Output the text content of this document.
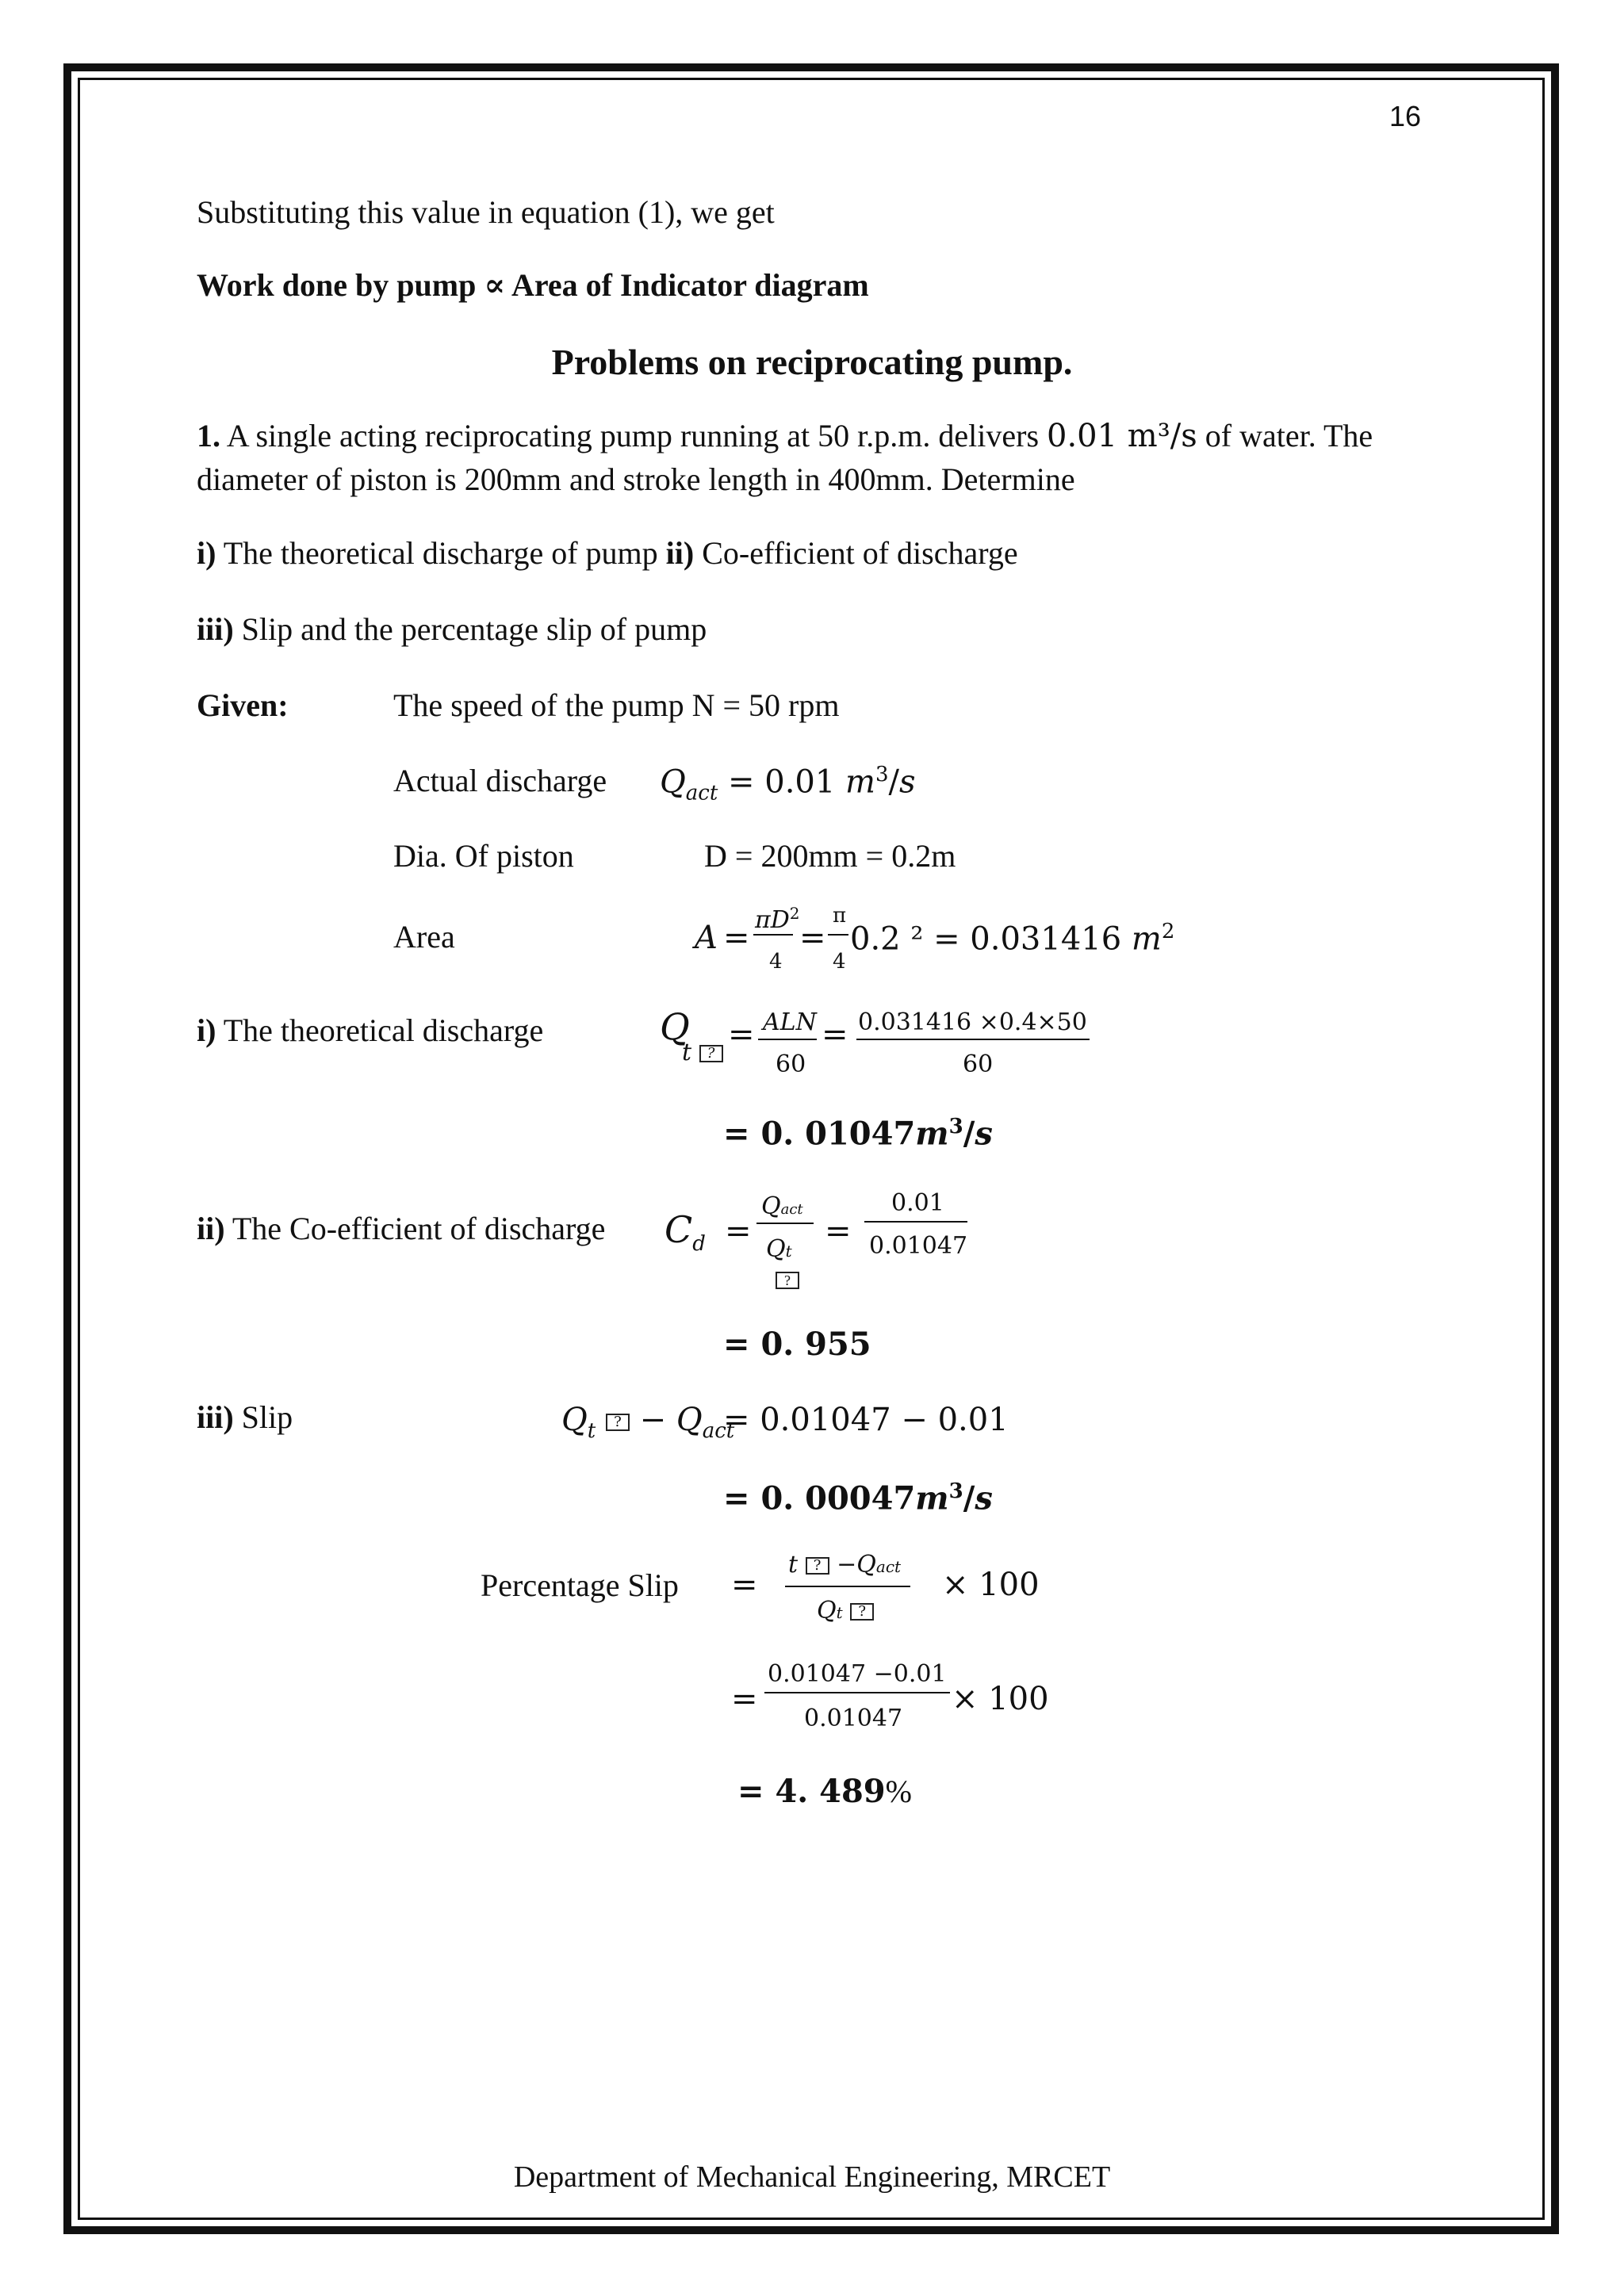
16
Substituting this value in equation (1), we get
Work done by pump ∝ Area of Indicator diagram
Problems on reciprocating pump.
1. A single acting reciprocating pump running at 50 r.p.m. delivers 0.01 m³/s of water. The
diameter of piston is 200mm and stroke length in 400mm. Determine
i) The theoretical discharge of pump ii) Co-efficient of discharge
iii) Slip and the percentage slip of pump
Given:	The speed of the pump N = 50 rpm
Actual discharge $Q_{act} = 0.01$ $m^3/s$
Dia. Of piston	D = 200mm = 0.2m
Area	$A = \pi D^2$
4
=
π
4
0.2 ² = 0.031416 $m^2$
i) The theoretical discharge	Q
t ?
= ALN
60
= 0.031416 ×0.4×50
60
= 0. $01047m^3/s$
ii) The Co-efficient of discharge $C_d$ =
Qact
Qt
?
=
0.01
0.01047
= 0. 955
iii) Slip	$Q_t$ ? − $Q_{act}$
= 0.01047 − 0.01
= 0. $00047m^3/s$
Percentage Slip =
t ? −Qact
Qt ?
× 100
=
0.01047 −0.01
0.01047
× 100
= 4. 489%
Department of Mechanical Engineering, MRCET
